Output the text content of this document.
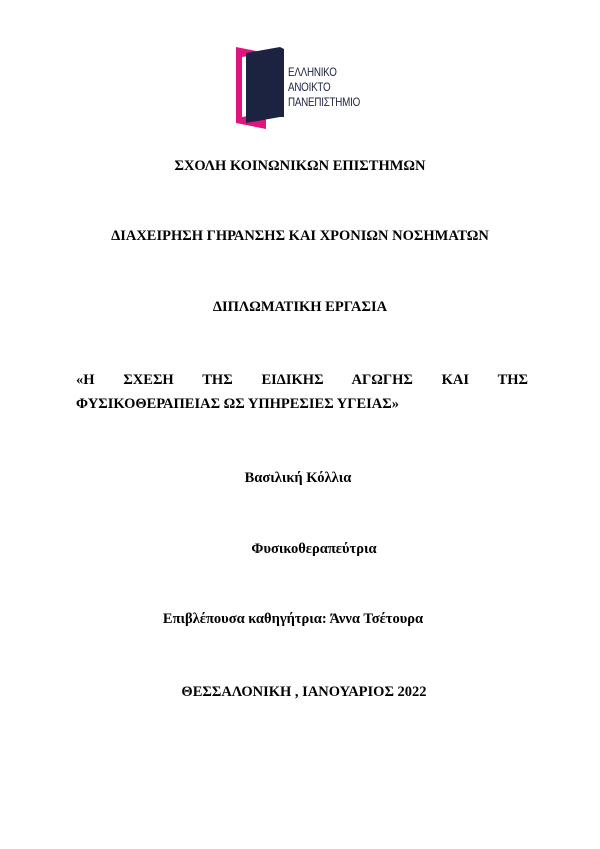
ΕΛΛΗΝΙΚΟ
ΑΝΟΙΚΤΟ
ΠΑΝΕΠΙΣΤΗΜΙΟ
ΣΧΟΛΗ ΚΟΙΝΩΝΙΚΩΝ ΕΠΙΣΤΗΜΩΝ
ΔΙΑΧΕΙΡΗΣΗ ΓΗΡΑΝΣΗΣ ΚΑΙ ΧΡΟΝΙΩΝ ΝΟΣΗΜΑΤΩΝ
ΔΙΠΛΩΜΑΤΙΚΗ ΕΡΓΑΣΙΑ
«Η ΣΧΕΣΗ ΤΗΣ ΕΙΔΙΚΗΣ ΑΓΩΓΗΣ ΚΑΙ ΤΗΣ
ΦΥΣΙΚΟΘΕΡΑΠΕΙΑΣ ΩΣ ΥΠΗΡΕΣΙΕΣ ΥΓΕΙΑΣ»
Βασιλική Κόλλια
Φυσικοθεραπεύτρια
Επιβλέπουσα καθηγήτρια: Άννα Τσέτουρα
ΘΕΣΣΑΛΟΝΙΚΗ , ΙΑΝΟΥΑΡΙΟΣ 2022
